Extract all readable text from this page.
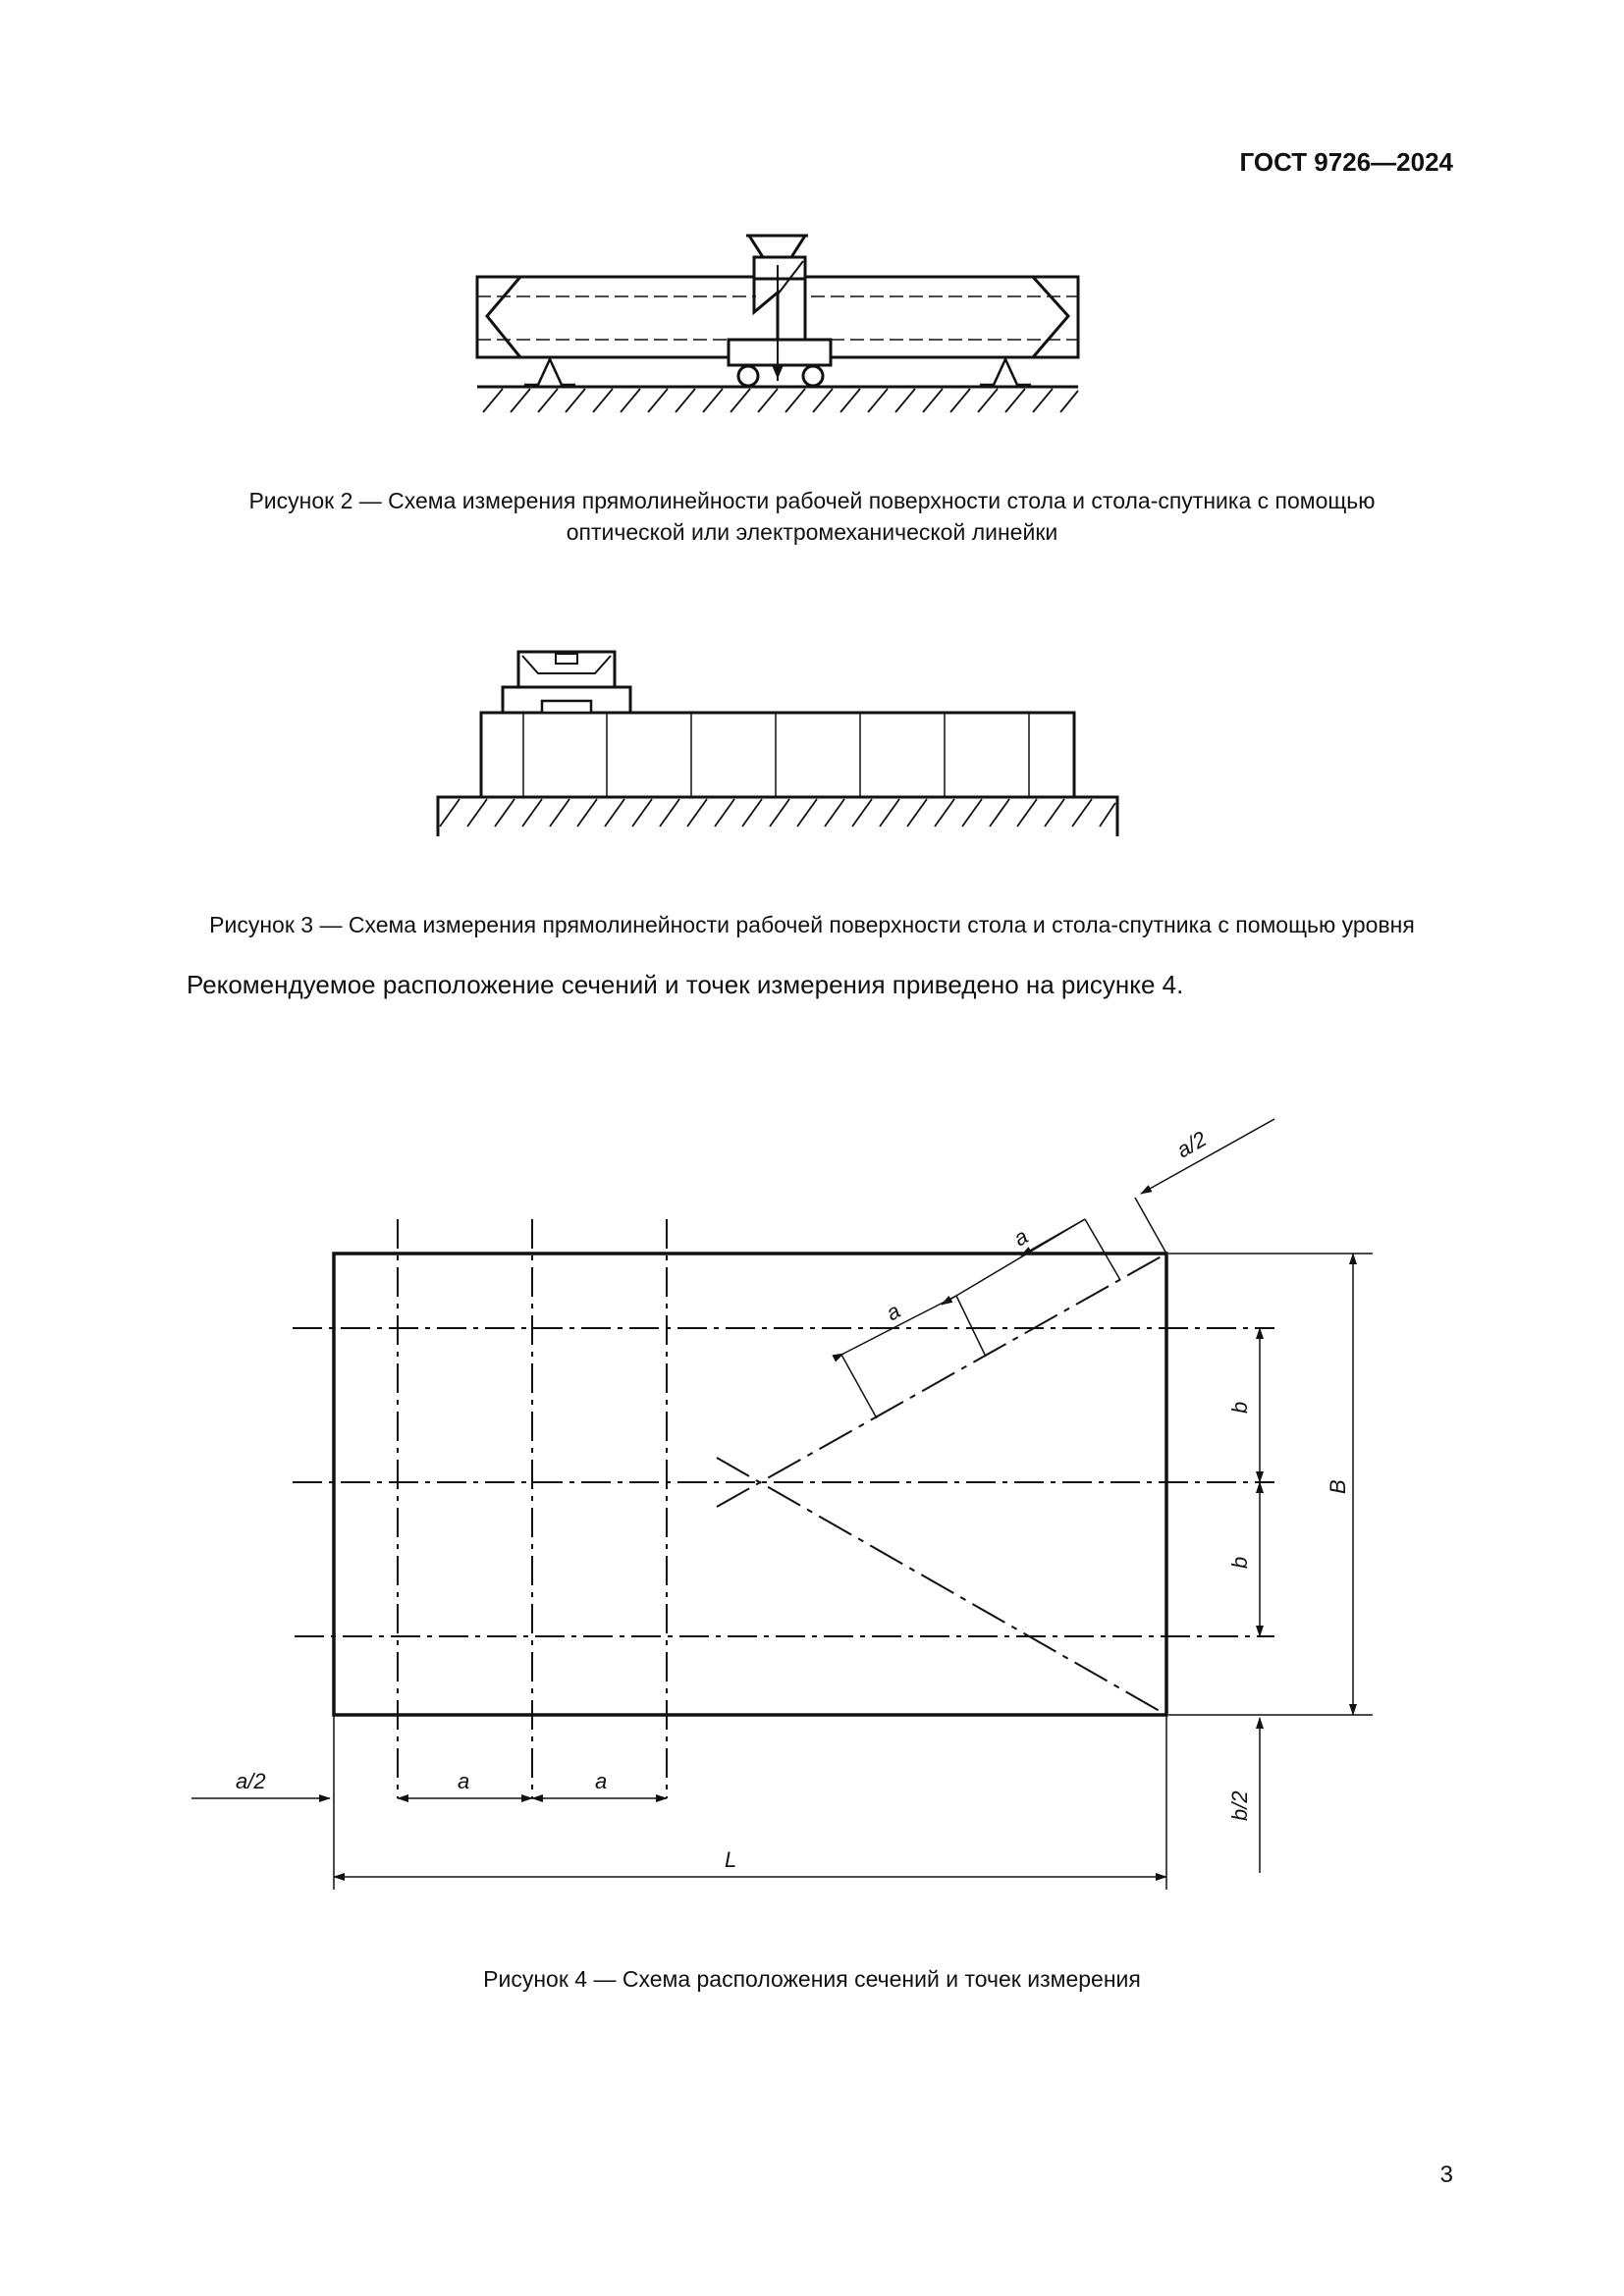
ГОСТ 9726—2024
Рисунок 2 — Схема измерения прямолинейности рабочей поверхности стола и стола-спутника с помощью
оптической или электромеханической линейки
Рисунок 3 — Схема измерения прямолинейности рабочей поверхности стола и стола-спутника с помощью уровня
Рекомендуемое расположение сечений и точек измерения приведено на рисунке 4.
a/2	a	a
L
b
b
B
b/2
a/2
a
a
Рисунок 4 — Схема расположения сечений и точек измерения
3
